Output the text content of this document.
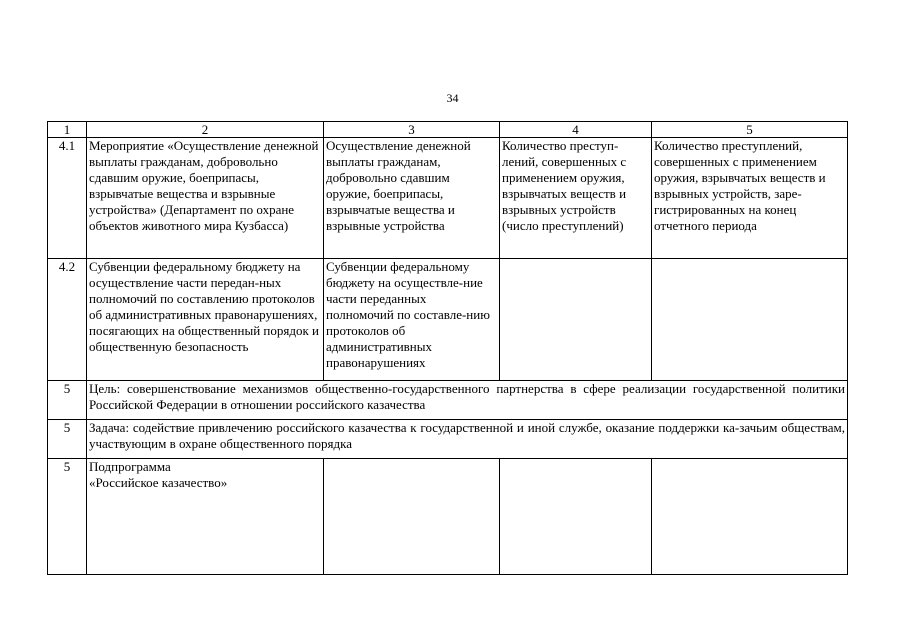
34
1	2	3	4	5
4.1	Мероприятие «Осуществление денежной выплаты гражданам, добровольно сдавшим оружие, боеприпасы, взрывчатые вещества и взрывные устройства» (Департамент по охране объектов животного мира Кузбасса)	Осуществление денежной выплаты гражданам, добровольно сдавшим оружие, боеприпасы, взрывчатые вещества и взрывные устройства	Количество преступ-лений, совершенных с применением оружия, взрывчатых веществ и взрывных устройств (число преступлений)	Количество преступлений, совершенных с применением оружия, взрывчатых веществ и взрывных устройств, заре-гистрированных на конец отчетного периода
4.2	Субвенции федеральному бюджету на осуществление части передан-ных полномочий по составлению протоколов об административных правонарушениях, посягающих на общественный порядок и общественную безопасность	Субвенции федеральному бюджету на осуществле-ние части переданных полномочий по составле-нию протоколов об административных правонарушениях		
5	Цель: совершенствование механизмов общественно-государственного партнерства в сфере реализации государственной политики Российской Федерации в отношении российского казачества			
5	Задача: содействие привлечению российского казачества к государственной и иной службе, оказание поддержки ка-зачьим обществам, участвующим в охране общественного порядка			
5	Подпрограмма
«Российское казачество»			
